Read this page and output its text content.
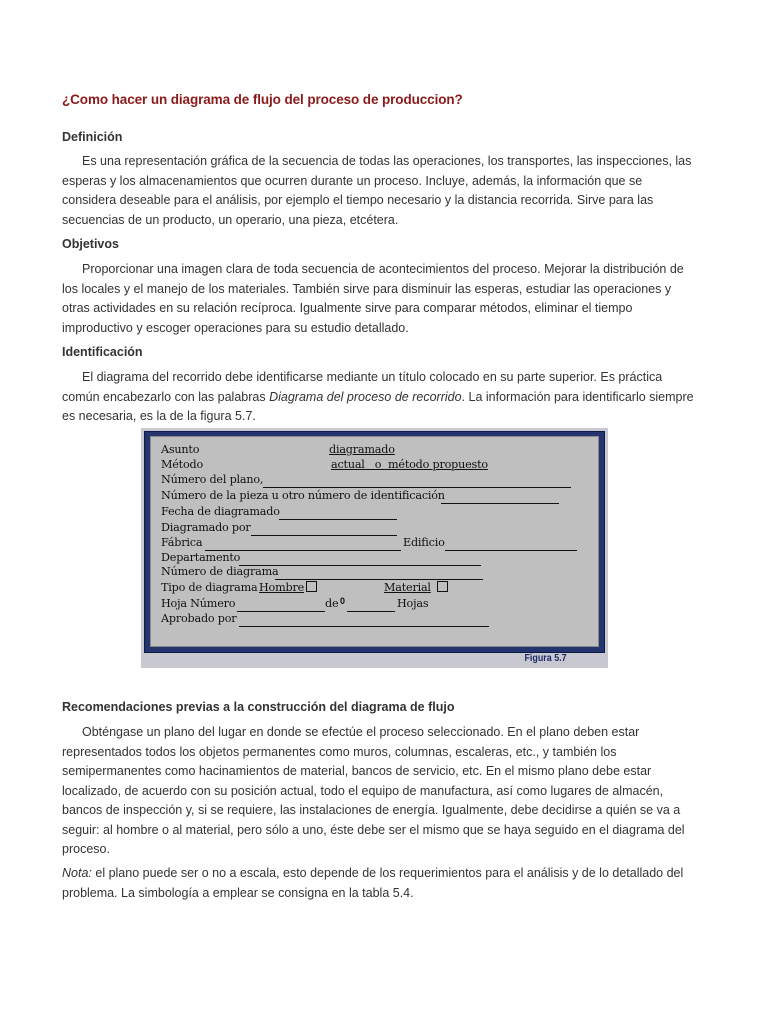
¿Como hacer un diagrama de flujo del proceso de produccion?
Definición

Es una representación gráfica de la secuencia de todas las operaciones, los transportes, las inspecciones, las esperas y los almacenamientos que ocurren durante un proceso. Incluye, además, la información que se considera deseable para el análisis, por ejemplo el tiempo necesario y la distancia recorrida. Sirve para las secuencias de un producto, un operario, una pieza, etcétera.

Objetivos

Proporcionar una imagen clara de toda secuencia de acontecimientos del proceso. Mejorar la distribución de los locales y el manejo de los materiales. También sirve para disminuir las esperas, estudiar las operaciones y otras actividades en su relación recíproca. Igualmente sirve para comparar métodos, eliminar el tiempo improductivo y escoger operaciones para su estudio detallado.

Identificación

El diagrama del recorrido debe identificarse mediante un título colocado en su parte superior. Es práctica común encabezarlo con las palabras Diagrama del proceso de recorrido. La información para identificarlo siempre es necesaria, es la de la figura 5.7.

Asunto	diagramado
Método	actual   o  método propuesto
Número del plano,
Número de la pieza u otro número de identificación
Fecha de diagramado
Diagramado por
Fábrica	Edificio
Departamento
Número de diagrama
Tipo de diagrama Hombre	Material
Hoja Número	de 0	Hojas
Aprobado por
Figura 5.7
Recomendaciones previas a la construcción del diagrama de flujo

Obténgase un plano del lugar en donde se efectúe el proceso seleccionado. En el plano deben estar representados todos los objetos permanentes como muros, columnas, escaleras, etc., y también los semipermanentes como hacinamientos de material, bancos de servicio, etc. En el mismo plano debe estar localizado, de acuerdo con su posición actual, todo el equipo de manufactura, así como lugares de almacén, bancos de inspección y, si se requiere, las instalaciones de energía. Igualmente, debe decidirse a quién se va a seguir: al hombre o al material, pero sólo a uno, éste debe ser el mismo que se haya seguido en el diagrama del proceso.

Nota: el plano puede ser o no a escala, esto depende de los requerimientos para el análisis y de lo detallado del problema. La simbología a emplear se consigna en la tabla 5.4.
